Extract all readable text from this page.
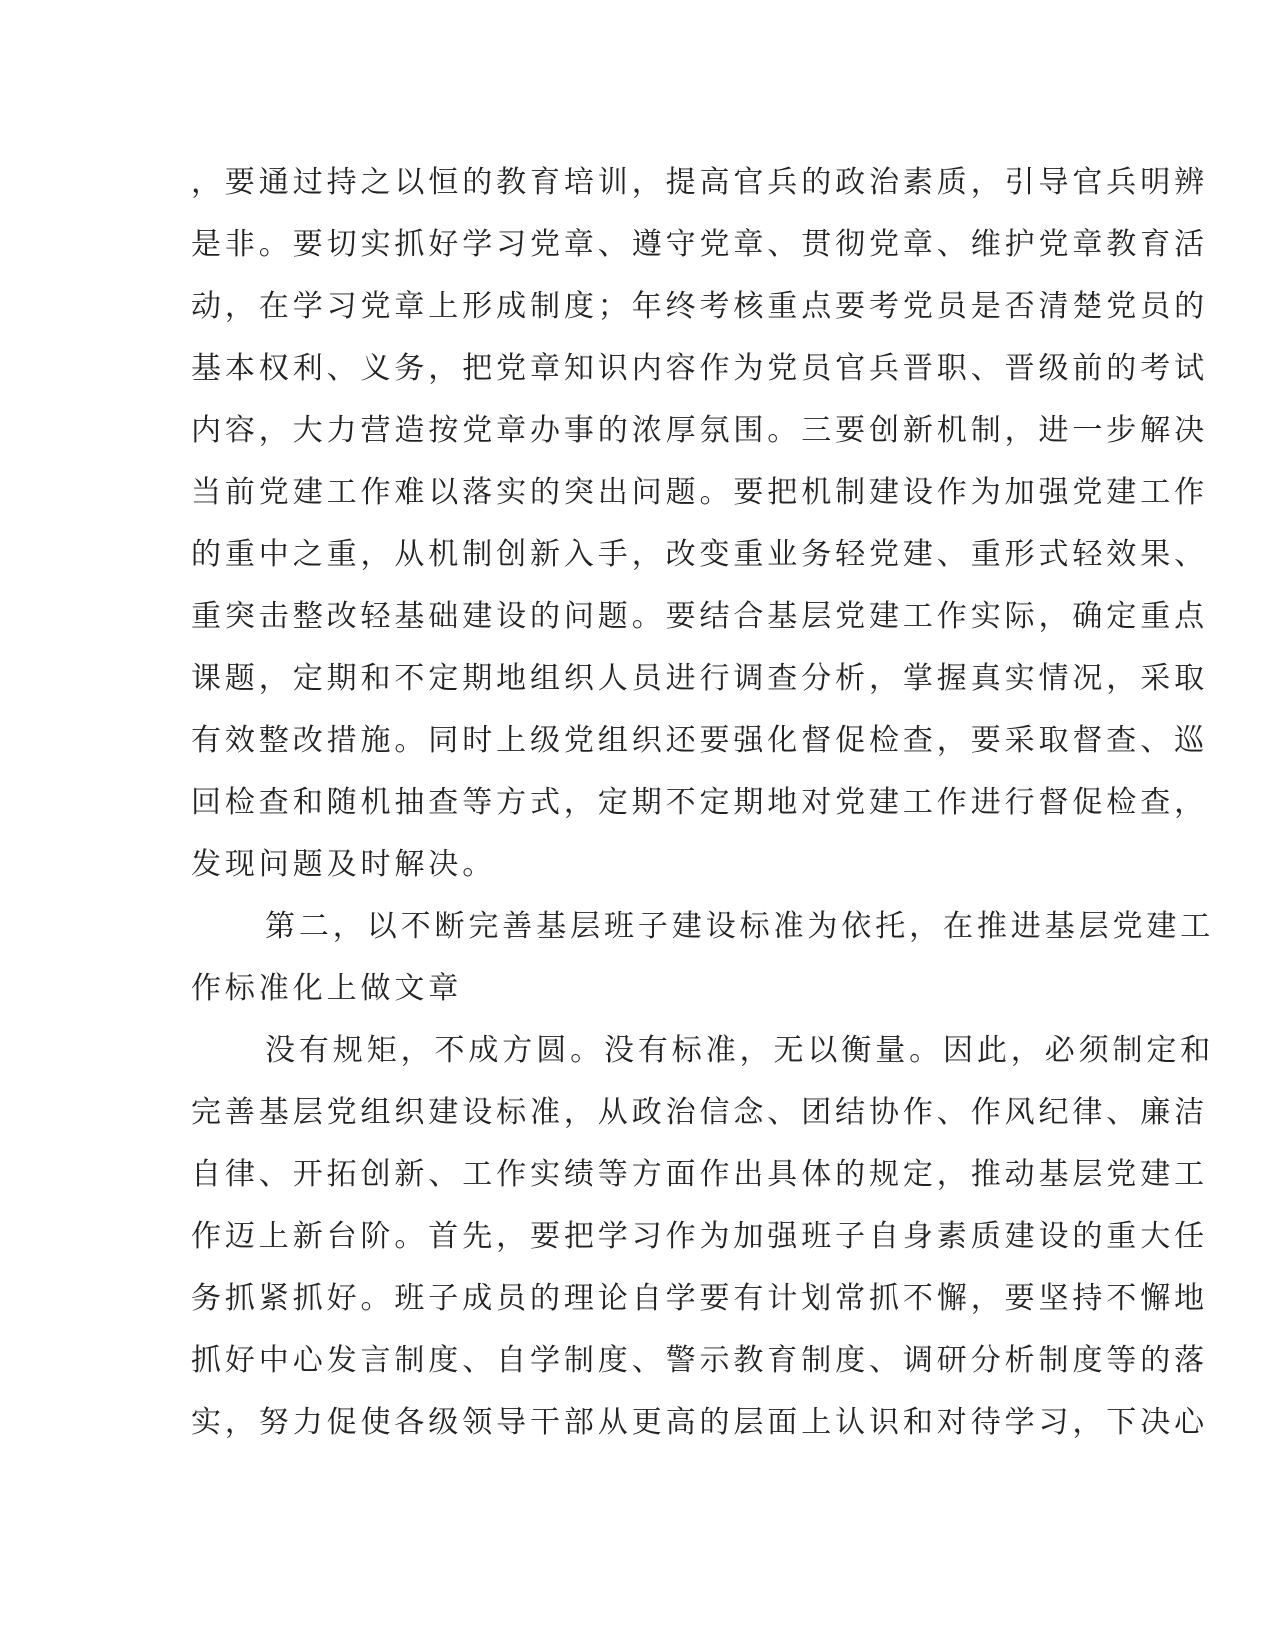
，要通过持之以恒的教育培训，提高官兵的政治素质，引导官兵明辨
是非。要切实抓好学习党章、遵守党章、贯彻党章、维护党章教育活
动，在学习党章上形成制度；年终考核重点要考党员是否清楚党员的
基本权利、义务，把党章知识内容作为党员官兵晋职、晋级前的考试
内容，大力营造按党章办事的浓厚氛围。三要创新机制，进一步解决
当前党建工作难以落实的突出问题。要把机制建设作为加强党建工作
的重中之重，从机制创新入手，改变重业务轻党建、重形式轻效果、
重突击整改轻基础建设的问题。要结合基层党建工作实际，确定重点
课题，定期和不定期地组织人员进行调查分析，掌握真实情况，采取
有效整改措施。同时上级党组织还要强化督促检查，要采取督查、巡
回检查和随机抽查等方式，定期不定期地对党建工作进行督促检查，
发现问题及时解决。
第二，以不断完善基层班子建设标准为依托，在推进基层党建工
作标准化上做文章
没有规矩，不成方圆。没有标准，无以衡量。因此，必须制定和
完善基层党组织建设标准，从政治信念、团结协作、作风纪律、廉洁
自律、开拓创新、工作实绩等方面作出具体的规定，推动基层党建工
作迈上新台阶。首先，要把学习作为加强班子自身素质建设的重大任
务抓紧抓好。班子成员的理论自学要有计划常抓不懈，要坚持不懈地
抓好中心发言制度、自学制度、警示教育制度、调研分析制度等的落
实，努力促使各级领导干部从更高的层面上认识和对待学习，下决心
